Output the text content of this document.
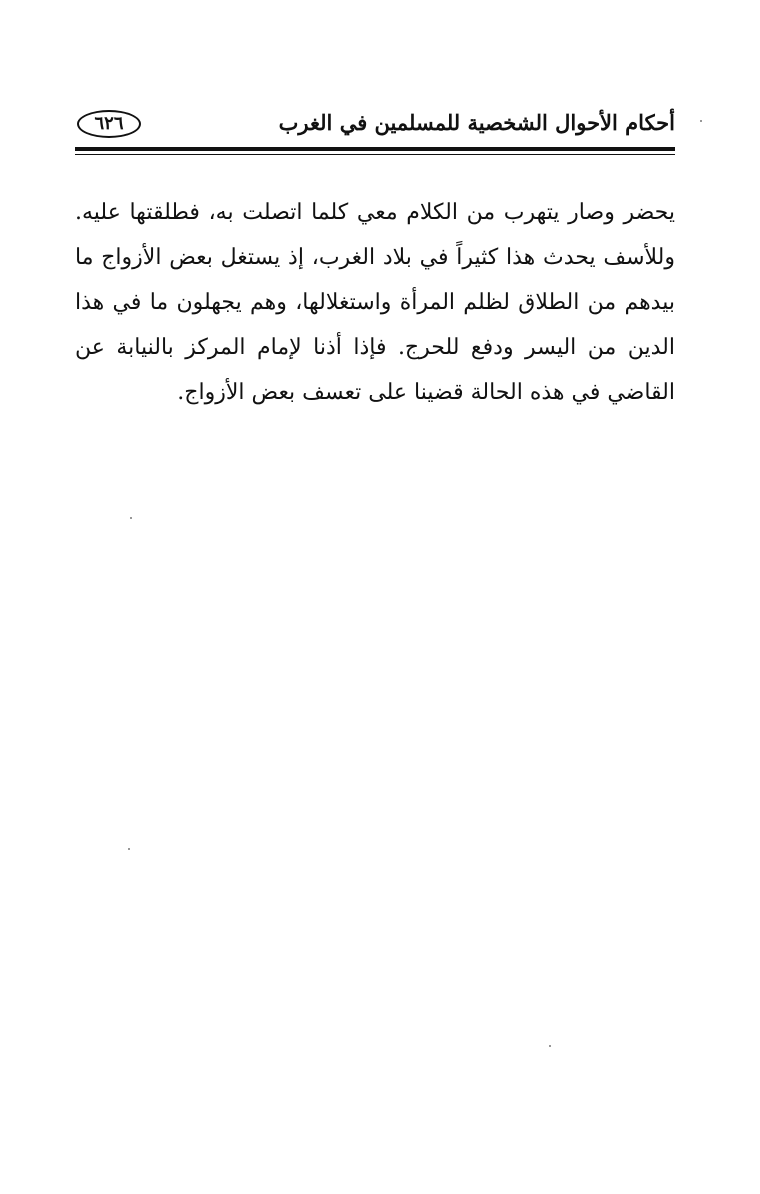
أحكام الأحوال الشخصية للمسلمين في الغرب
٦٢٦

يحضر وصار يتهرب من الكلام معي كلما اتصلت به، فطلقتها عليه. وللأسف يحدث هذا كثيراً في بلاد الغرب، إذ يستغل بعض الأزواج ما بيدهم من الطلاق لظلم المرأة واستغلالها، وهم يجهلون ما في هذا الدين من اليسر ودفع للحرج. فإذا أذنا لإمام المركز بالنيابة عن القاضي في هذه الحالة قضينا على تعسف بعض الأزواج.
